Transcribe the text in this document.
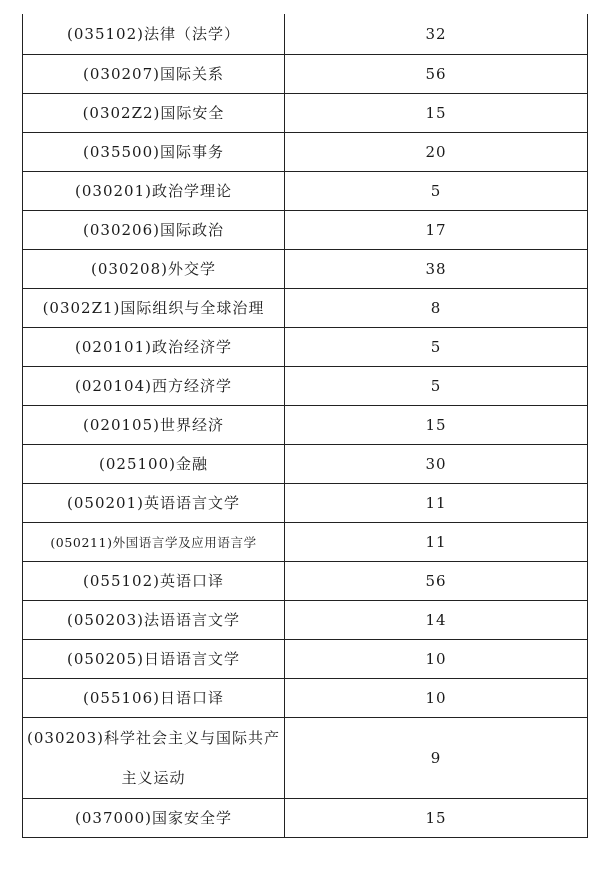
(035102)法律（法学）	32
(030207)国际关系	56
(0302Z2)国际安全	15
(035500)国际事务	20
(030201)政治学理论	5
(030206)国际政治	17
(030208)外交学	38
(0302Z1)国际组织与全球治理	8
(020101)政治经济学	5
(020104)西方经济学	5
(020105)世界经济	15
(025100)金融	30
(050201)英语语言文学	11
(050211)外国语言学及应用语言学	11
(055102)英语口译	56
(050203)法语语言文学	14
(050205)日语语言文学	10
(055106)日语口译	10
(030203)科学社会主义与国际共产主义运动	9
(037000)国家安全学	15
